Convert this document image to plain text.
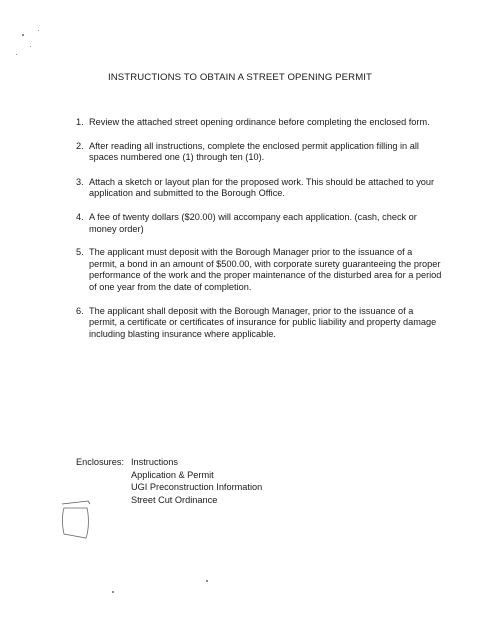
INSTRUCTIONS TO OBTAIN A STREET OPENING PERMIT
1. Review the attached street opening ordinance before completing the enclosed form.
2. After reading all instructions, complete the enclosed permit application filling in all spaces numbered one (1) through ten (10).
3. Attach a sketch or layout plan for the proposed work. This should be attached to your application and submitted to the Borough Office.
4. A fee of twenty dollars ($20.00) will accompany each application. (cash, check or money order)
5. The applicant must deposit with the Borough Manager prior to the issuance of a permit, a bond in an amount of $500.00, with corporate surety guaranteeing the proper performance of the work and the proper maintenance of the disturbed area for a period of one year from the date of completion.
6. The applicant shall deposit with the Borough Manager, prior to the issuance of a permit, a certificate or certificates of insurance for public liability and property damage including blasting insurance where applicable.
Enclosures: Instructions
Application & Permit
UGI Preconstruction Information
Street Cut Ordinance
